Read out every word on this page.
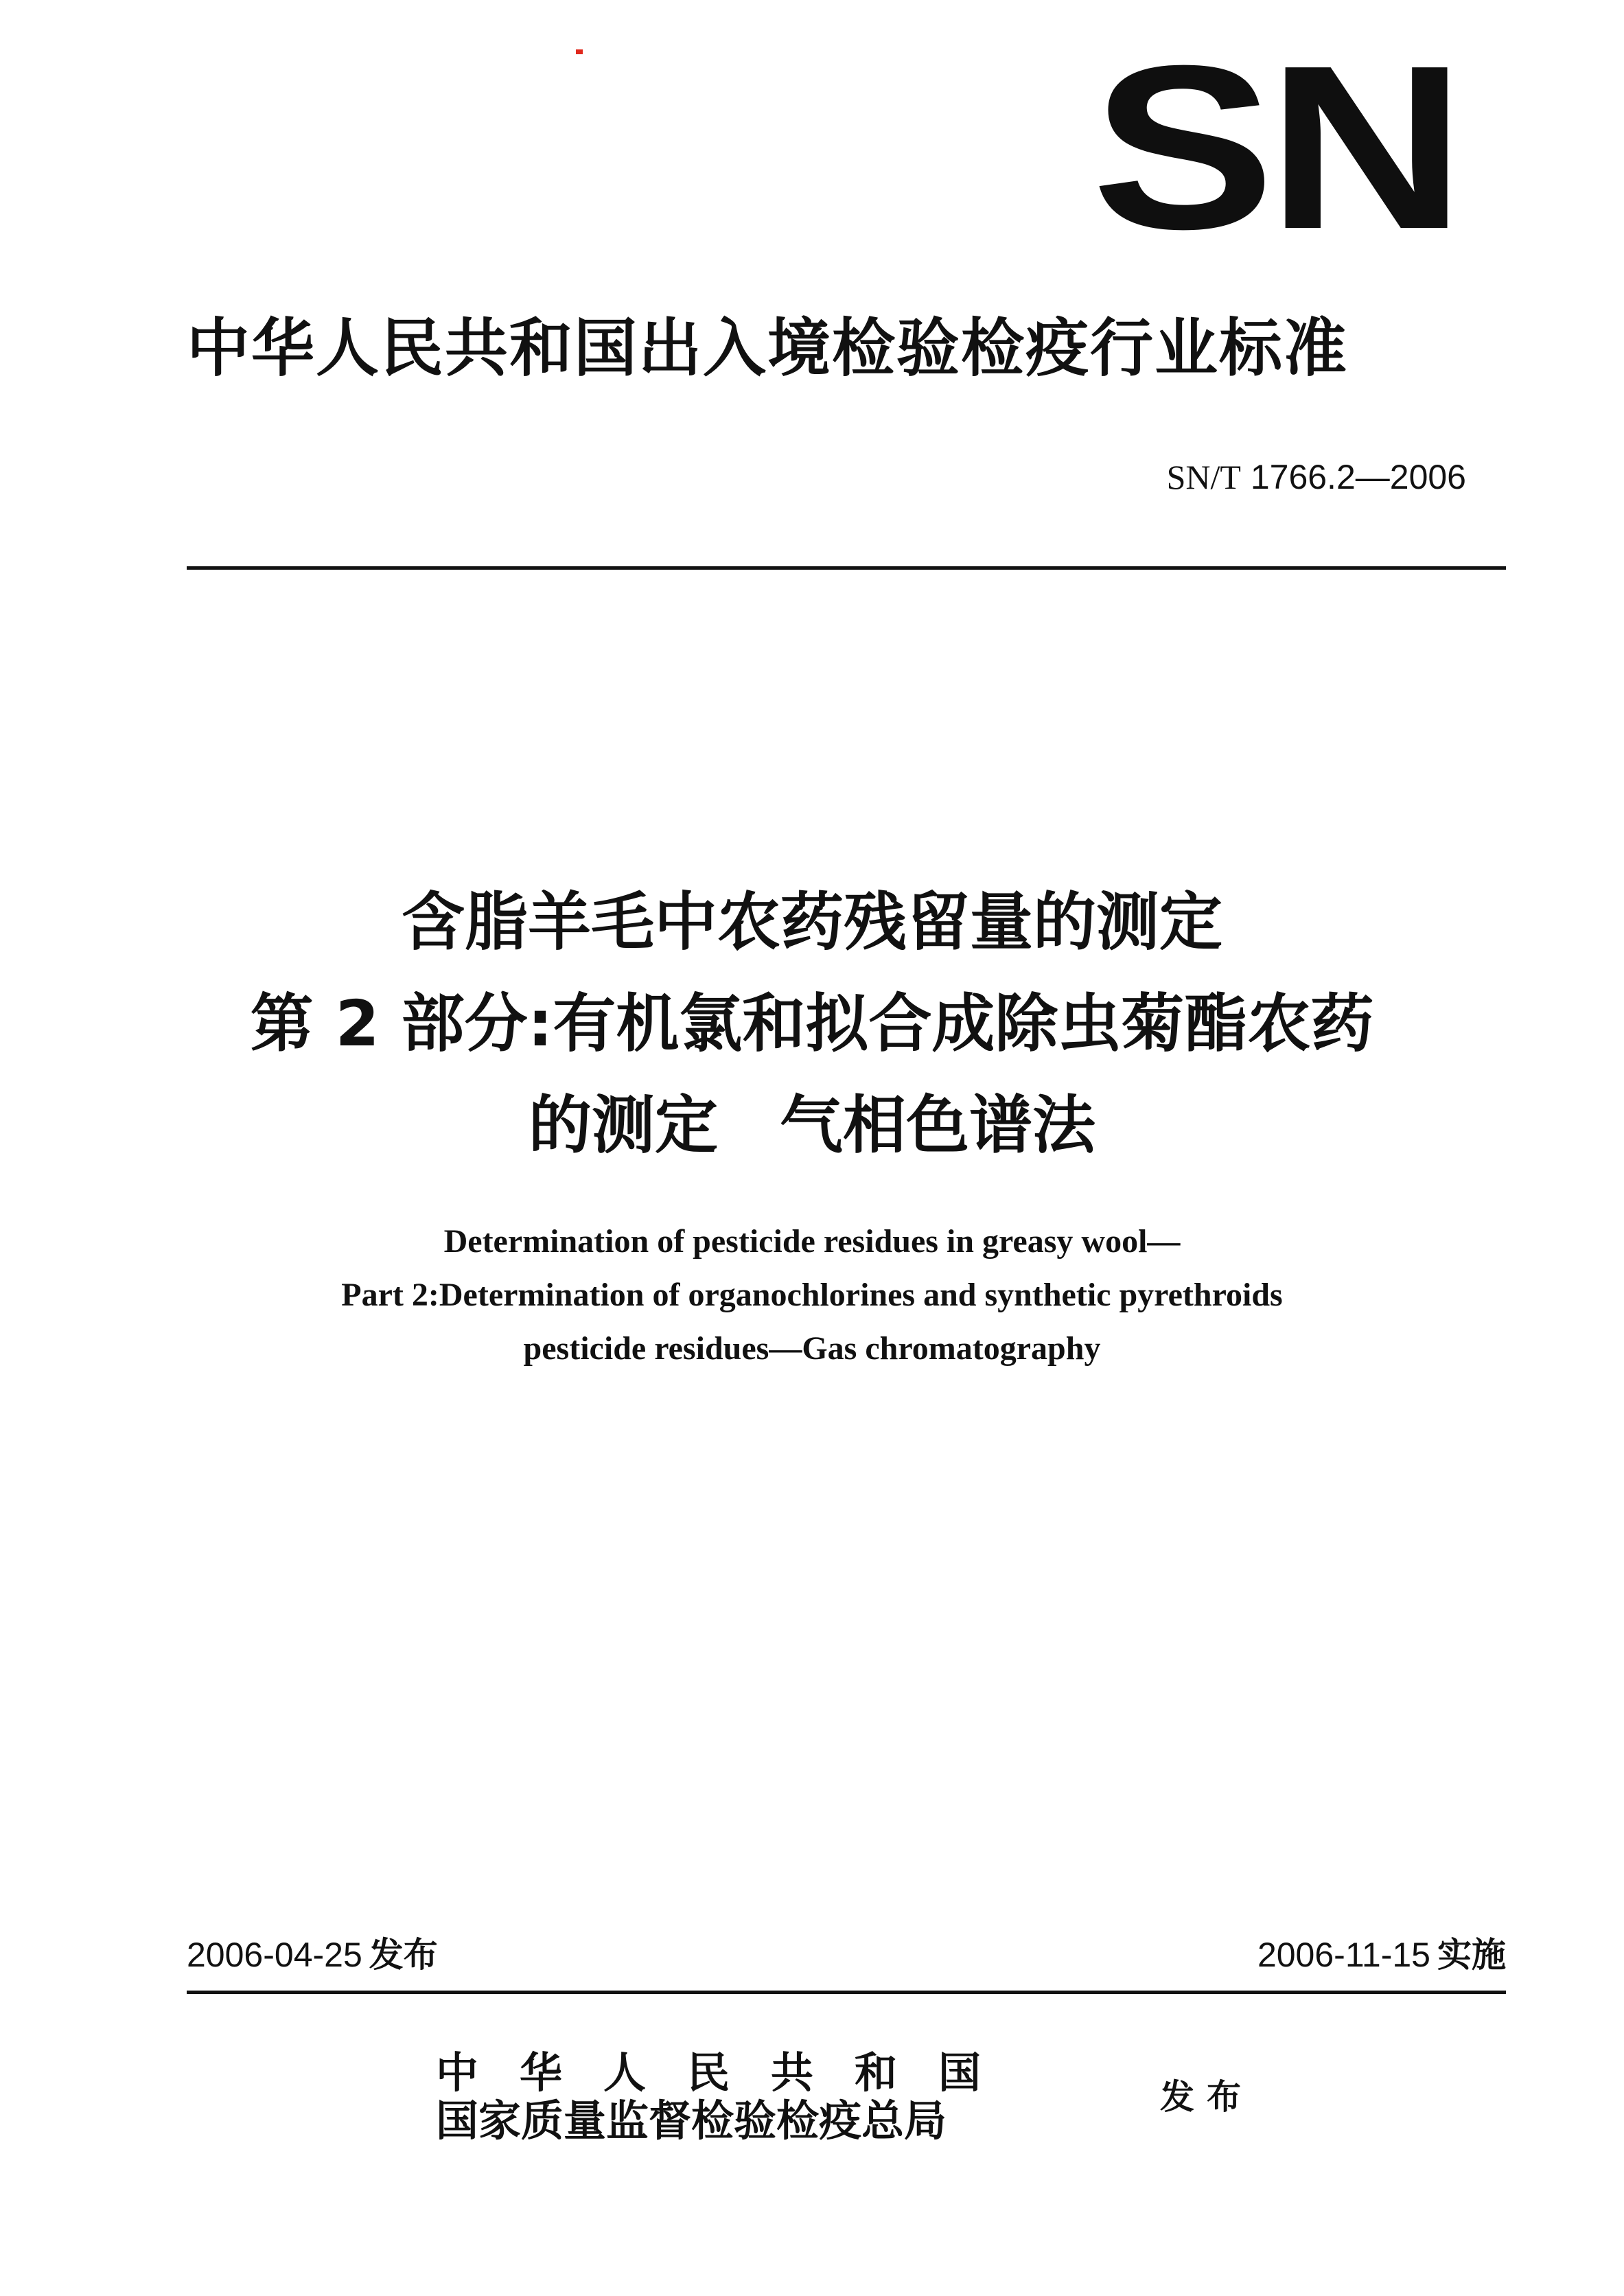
SN
中华人民共和国出入境检验检疫行业标准
SN/T 1766.2—2006
含脂羊毛中农药残留量的测定
第 2 部分:有机氯和拟合成除虫菊酯农药
的测定 气相色谱法
Determination of pesticide residues in greasy wool—
Part 2:Determination of organochlorines and synthetic pyrethroids
pesticide residues—Gas chromatography
2006-04-25 发布	2006-11-15 实施
中华人民共和国
国家质量监督检验检疫总局	发布
